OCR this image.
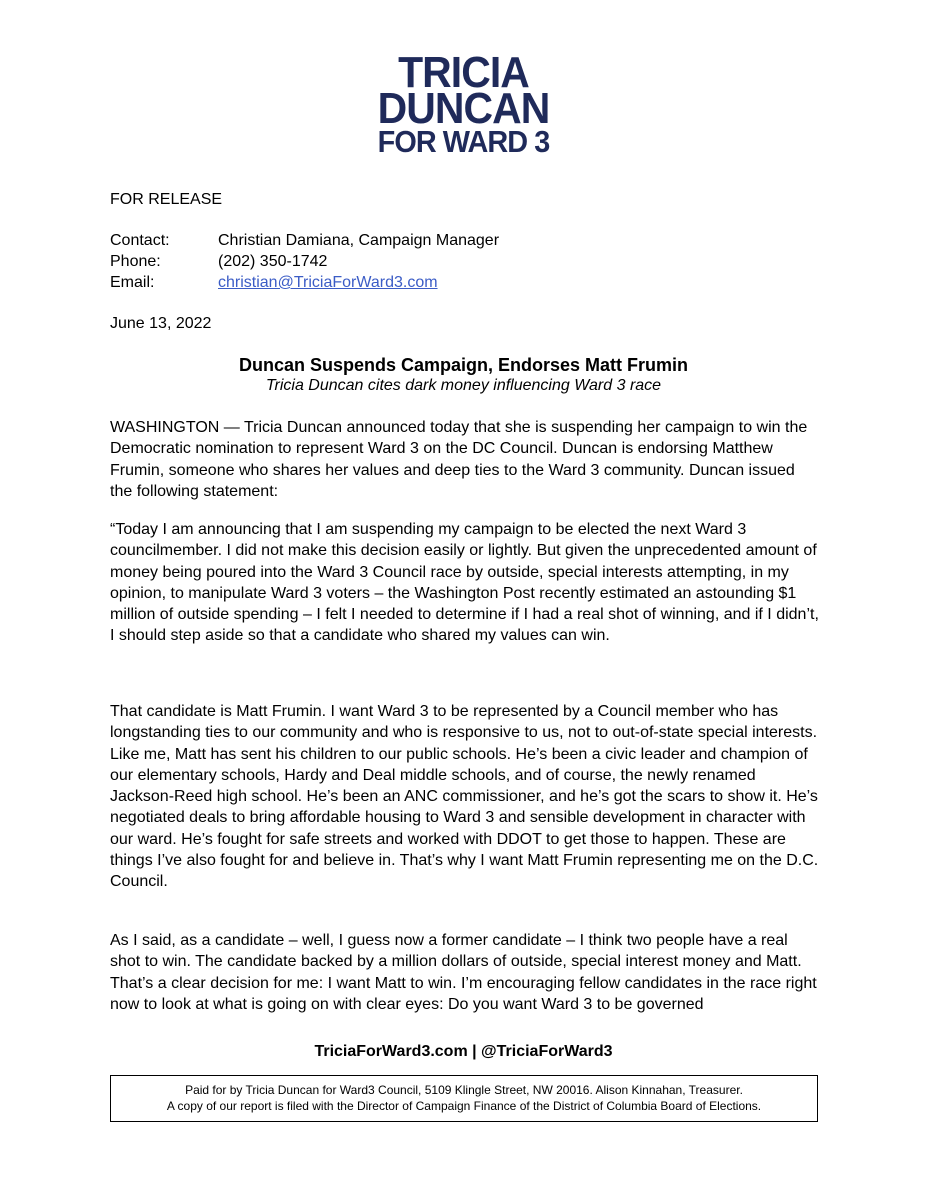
TRICIA
DUNCAN
FOR WARD 3
FOR RELEASE
Contact:	Christian Damiana, Campaign Manager
Phone:	(202) 350-1742
Email:	christian@TriciaForWard3.com
June 13, 2022
Duncan Suspends Campaign, Endorses Matt Frumin
Tricia Duncan cites dark money influencing Ward 3 race
WASHINGTON — Tricia Duncan announced today that she is suspending her campaign to win the Democratic nomination to represent Ward 3 on the DC Council. Duncan is endorsing Matthew Frumin, someone who shares her values and deep ties to the Ward 3 community. Duncan issued the following statement:
“Today I am announcing that I am suspending my campaign to be elected the next Ward 3 councilmember. I did not make this decision easily or lightly. But given the unprecedented amount of money being poured into the Ward 3 Council race by outside, special interests attempting, in my opinion, to manipulate Ward 3 voters – the Washington Post recently estimated an astounding $1 million of outside spending – I felt I needed to determine if I had a real shot of winning, and if I didn’t, I should step aside so that a candidate who shared my values can win.
That candidate is Matt Frumin. I want Ward 3 to be represented by a Council member who has longstanding ties to our community and who is responsive to us, not to out-of-state special interests. Like me, Matt has sent his children to our public schools. He’s been a civic leader and champion of our elementary schools, Hardy and Deal middle schools, and of course, the newly renamed Jackson-Reed high school. He’s been an ANC commissioner, and he’s got the scars to show it. He’s negotiated deals to bring affordable housing to Ward 3 and sensible development in character with our ward. He’s fought for safe streets and worked with DDOT to get those to happen. These are things I’ve also fought for and believe in. That’s why I want Matt Frumin representing me on the D.C. Council.
As I said, as a candidate – well, I guess now a former candidate – I think two people have a real shot to win. The candidate backed by a million dollars of outside, special interest money and Matt. That’s a clear decision for me: I want Matt to win. I’m encouraging fellow candidates in the race right now to look at what is going on with clear eyes: Do you want Ward 3 to be governed
TriciaForWard3.com | @TriciaForWard3
Paid for by Tricia Duncan for Ward3 Council, 5109 Klingle Street, NW 20016. Alison Kinnahan, Treasurer.
A copy of our report is filed with the Director of Campaign Finance of the District of Columbia Board of Elections.
